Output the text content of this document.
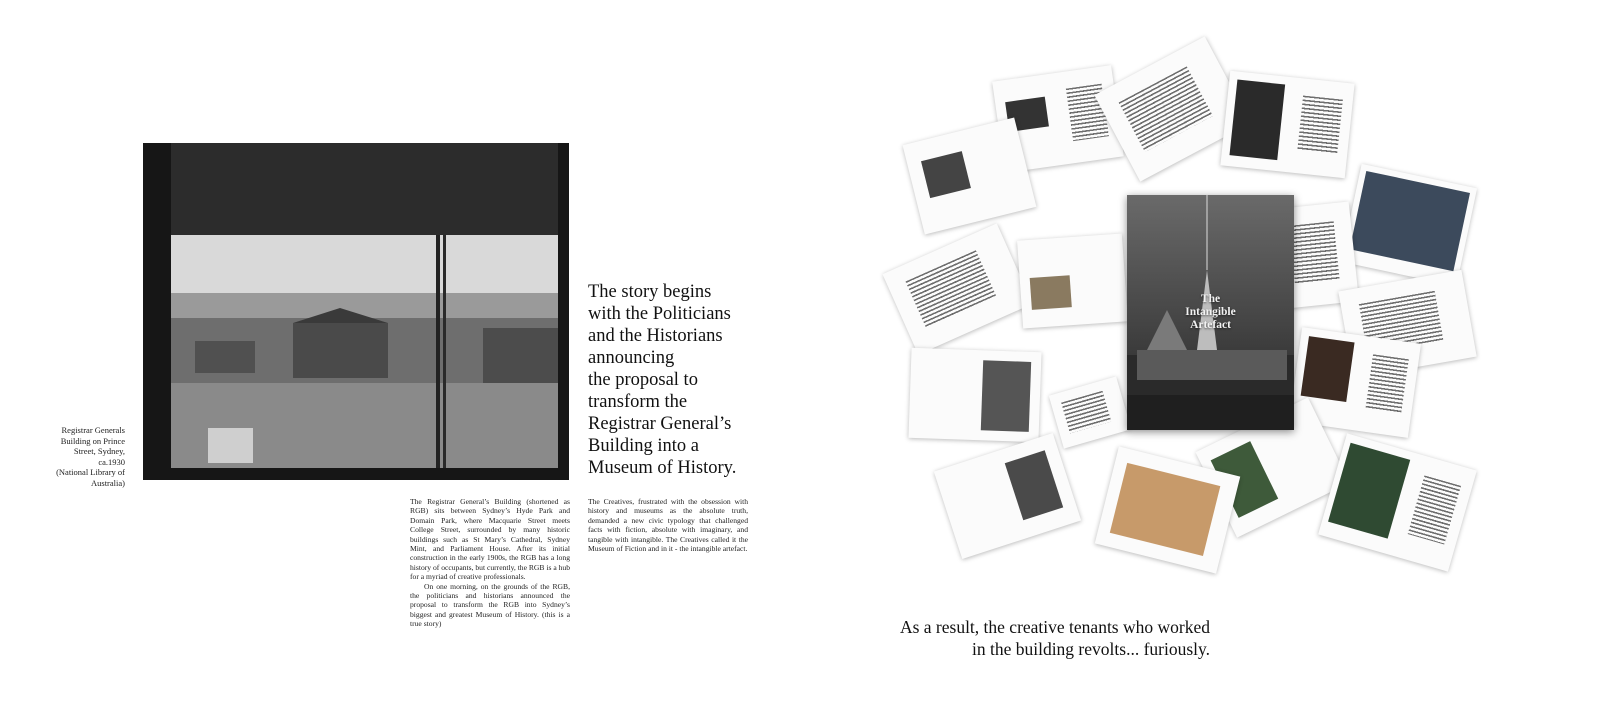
Registrar Generals
Building on Prince
Street, Sydney,
ca.1930
(National Library of
Australia)
The story begins
with the Politicians
and the Historians
announcing
the proposal to
transform the
Registrar General’s
Building into a
Museum of History.

The Registrar General’s Building (shortened as RGB) sits between Sydney’s Hyde Park and Domain Park, where Macquarie Street meets College Street, surrounded by many historic buildings such as St Mary’s Cathedral, Sydney Mint, and Parliament House. After its initial construction in the early 1900s, the RGB has a long history of occupants, but currently, the RGB is a hub for a myriad of creative professionals.

On one morning, on the grounds of the RGB, the politicians and historians announced the proposal to transform the RGB into Sydney’s biggest and greatest Museum of History. (this is a true story)

The Creatives, frustrated with the obsession with history and museums as the absolute truth, demanded a new civic typology that challenged facts with fiction, absolute with imaginary, and tangible with intangible. The Creatives called it the Museum of Fiction and in it - the intangible artefact.

The
Intangible
Artefact
As a result, the creative tenants who worked
in the building revolts... furiously.
